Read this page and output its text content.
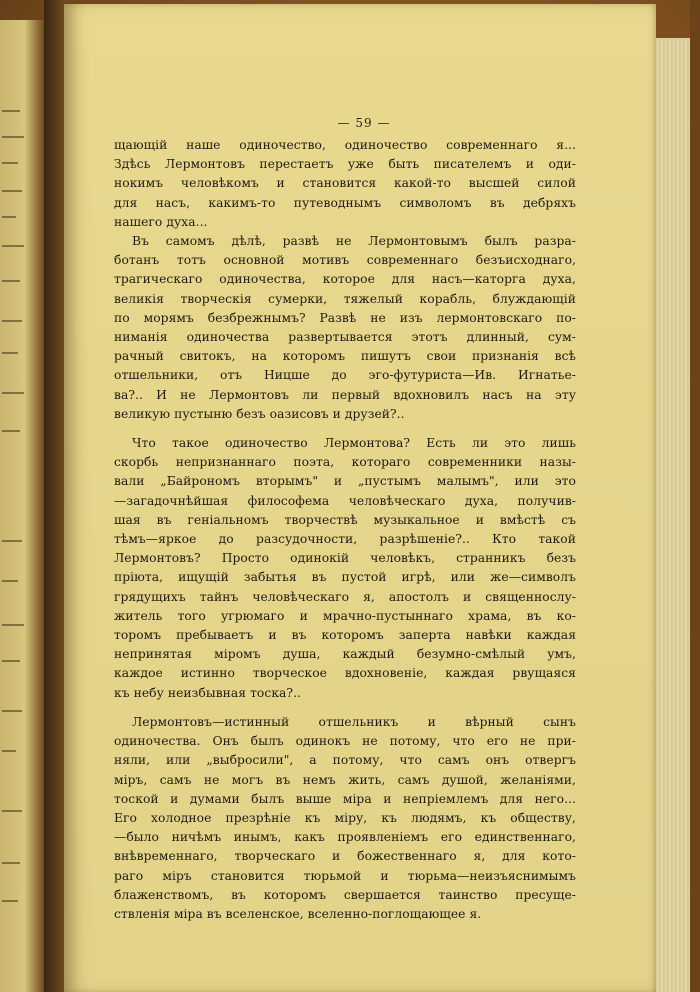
— 59 —
щающій наше одиночество, одиночество современнаго я...
Здѣсь Лермонтовъ перестаетъ уже быть писателемъ и оди-
нокимъ человѣкомъ и становится какой-то высшей силой
для насъ, какимъ-то путеводнымъ символомъ въ дебряхъ
нашего духа...
Въ самомъ дѣлѣ, развѣ не Лермонтовымъ былъ разра-
ботанъ тотъ основной мотивъ современнаго безъисходнаго,
трагическаго одиночества, которое для насъ—каторга духа,
великія творческія сумерки, тяжелый корабль, блуждающій
по морямъ безбрежнымъ? Развѣ не изъ лермонтовскаго по-
ниманія одиночества развертывается этотъ длинный, сум-
рачный свитокъ, на которомъ пишутъ свои признанія всѣ
отшельники, отъ Ницше до эго-футуриста—Ив. Игнатье-
ва?.. И не Лермонтовъ ли первый вдохновилъ насъ на эту
великую пустыню безъ оазисовъ и друзей?..
Что такое одиночество Лермонтова? Есть ли это лишь
скорбь непризнаннаго поэта, котораго современники назы-
вали „Байрономъ вторымъ" и „пустымъ малымъ", или это
—загадочнѣйшая философема человѣческаго духа, получив-
шая въ геніальномъ творчествѣ музыкальное и вмѣстѣ съ
тѣмъ—яркое до разсудочности, разрѣшеніе?.. Кто такой
Лермонтовъ? Просто одинокій человѣкъ, странникъ безъ
пріюта, ищущій забытья въ пустой игрѣ, или же—символъ
грядущихъ тайнъ человѣческаго я, апостолъ и священнослу-
житель того угрюмаго и мрачно-пустыннаго храма, въ ко-
торомъ пребываетъ и въ которомъ заперта навѣки каждая
непринятая міромъ душа, каждый безумно-смѣлый умъ,
каждое истинно творческое вдохновеніе, каждая рвущаяся
къ небу неизбывная тоска?..
Лермонтовъ—истинный отшельникъ и вѣрный сынъ
одиночества. Онъ былъ одинокъ не потому, что его не при-
няли, или „выбросили", а потому, что самъ онъ отвергъ
міръ, самъ не могъ въ немъ жить, самъ душой, желаніями,
тоской и думами былъ выше міра и непріемлемъ для него...
Его холодное презрѣніе къ міру, къ людямъ, къ обществу,
—было ничѣмъ инымъ, какъ проявленіемъ его единственнаго,
внѣвременнаго, творческаго и божественнаго я, для кото-
раго міръ становится тюрьмой и тюрьма—неизъяснимымъ
блаженствомъ, въ которомъ свершается таинство пресуще-
ствленія міра въ вселенское, вселенно-поглощающее я.
